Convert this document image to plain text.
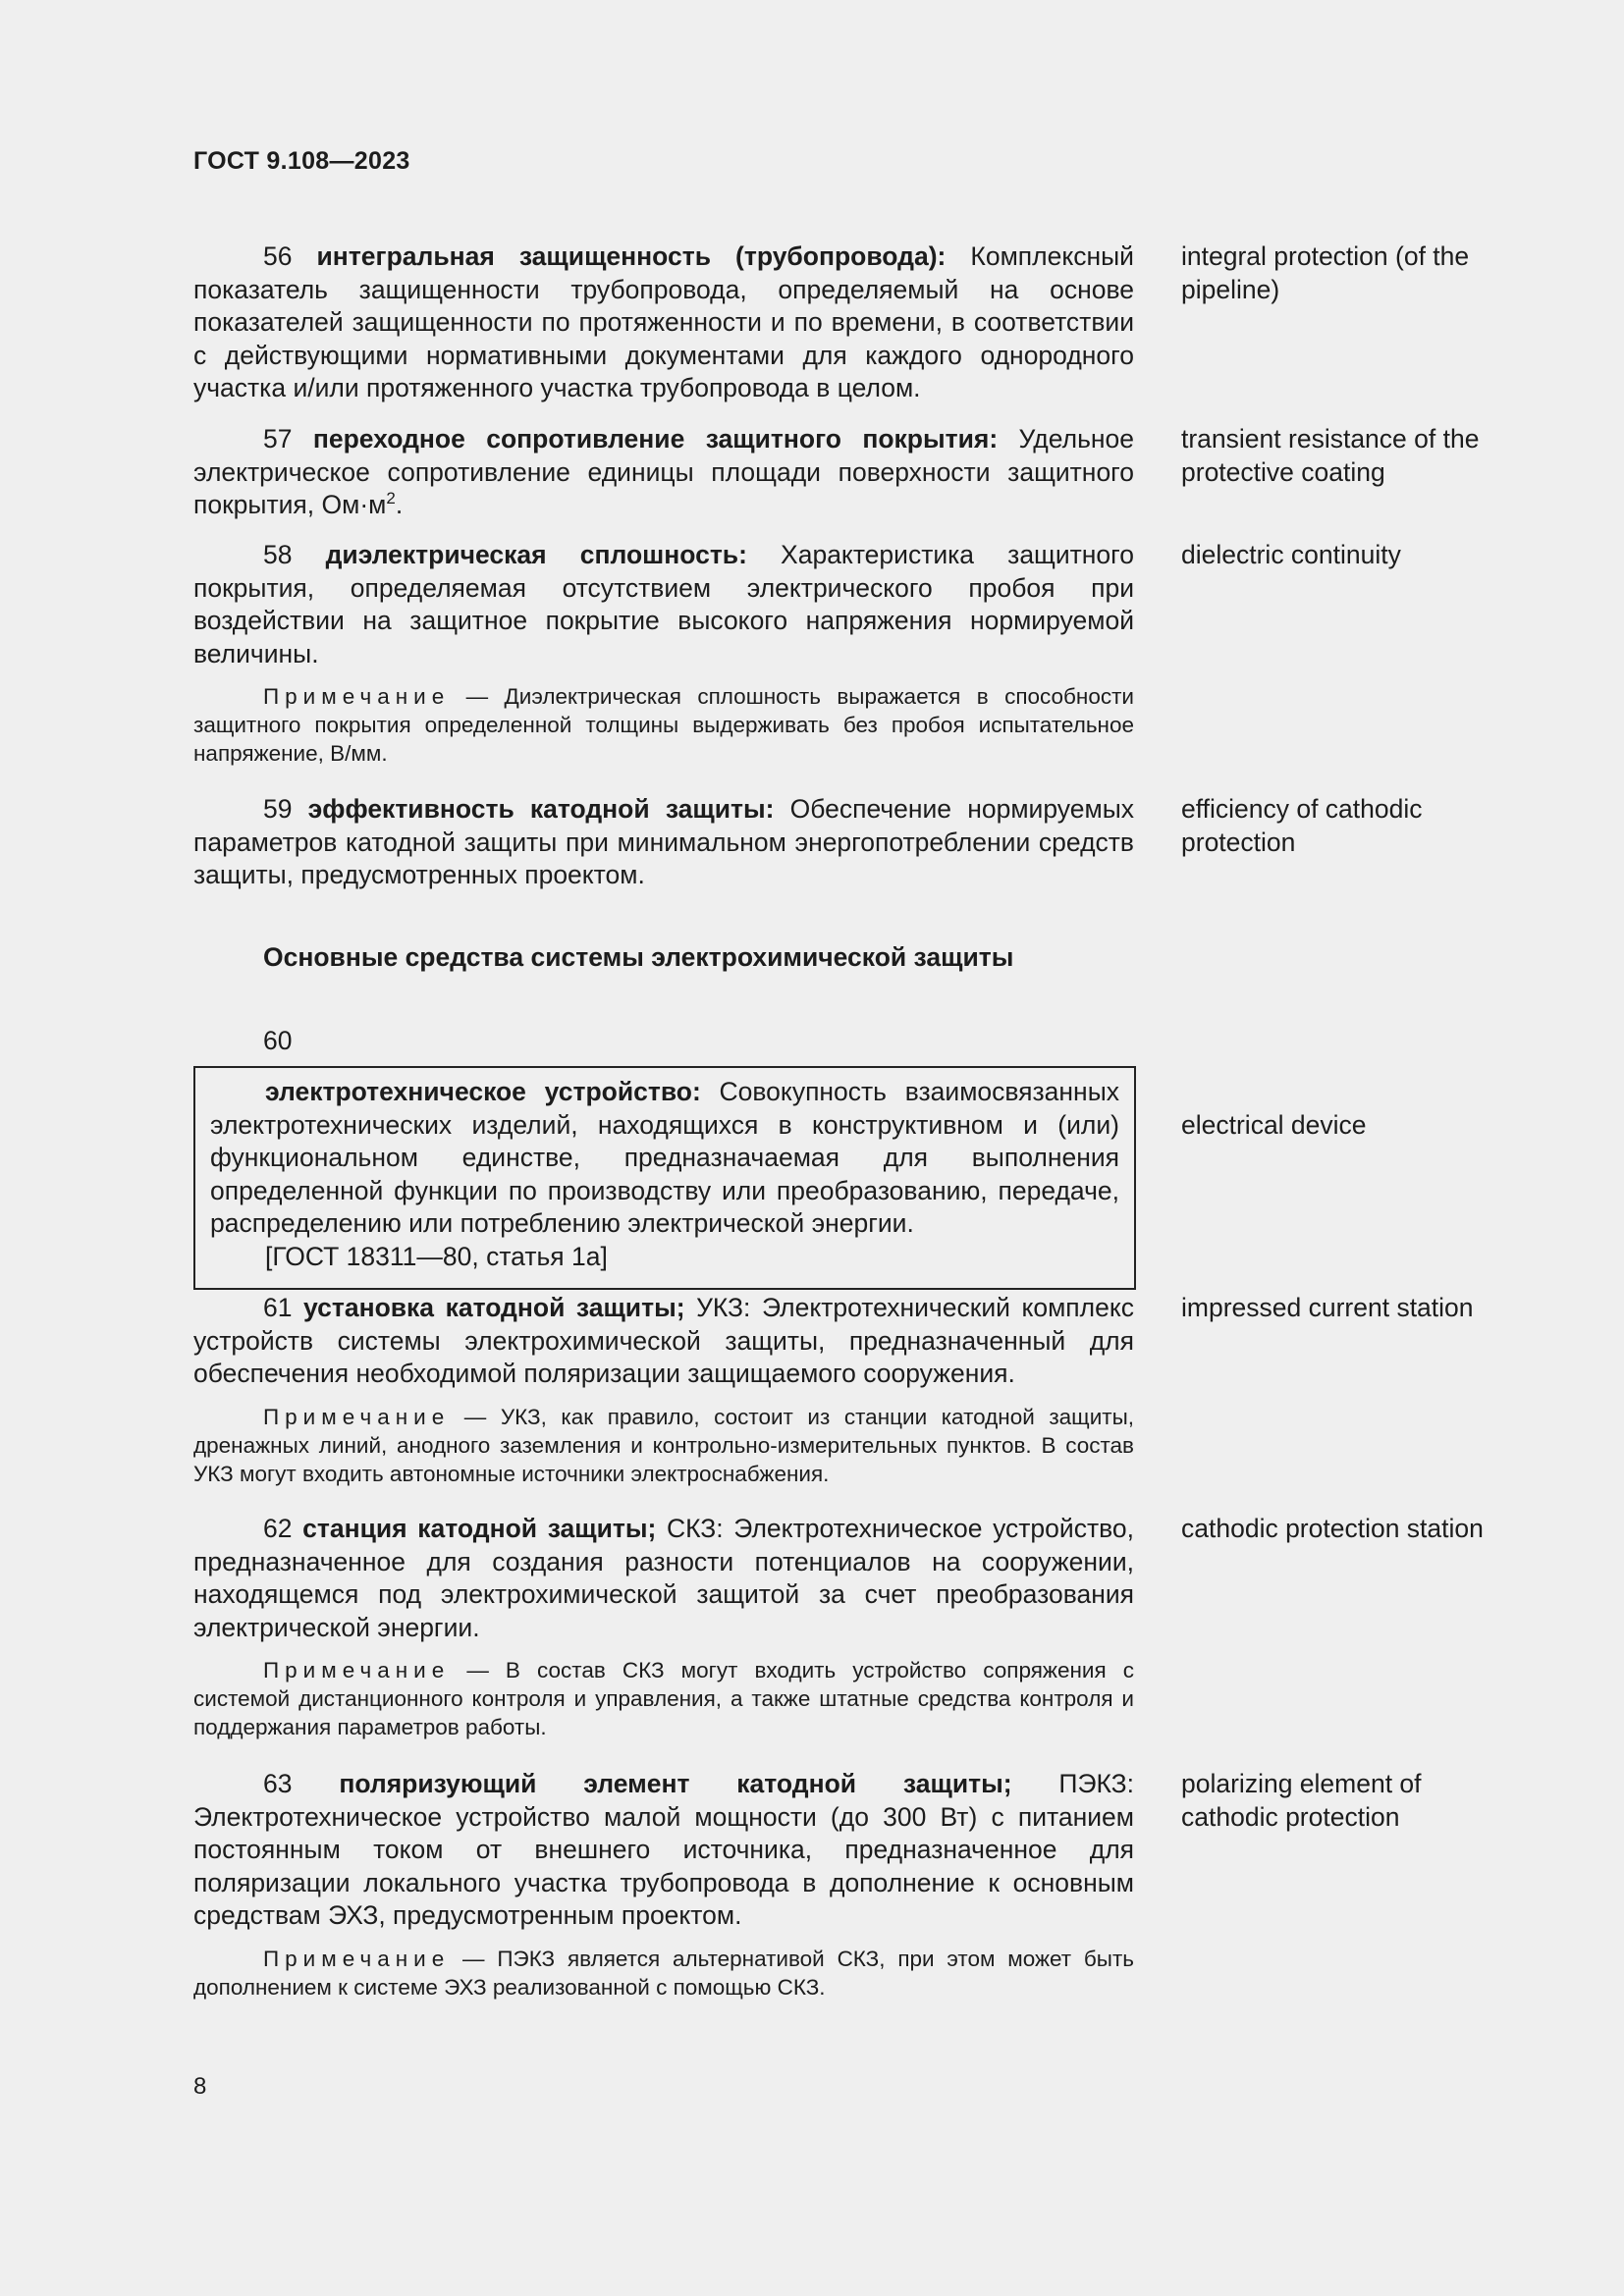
ГОСТ 9.108—2023

56 интегральная защищенность (трубопровода): Комплексный показатель защищенности трубопровода, определяемый на основе показателей защищенности по протяженности и по времени, в соответствии с действующими нормативными документами для каждого однородного участка и/или протяженного участка трубопровода в целом.

integral protection (of the pipeline)

57 переходное сопротивление защитного покрытия: Удельное электрическое сопротивление единицы площади поверхности защитного покрытия, $Ом\cdot м^2$.

transient resistance of the protective coating

58 диэлектрическая сплошность: Характеристика защитного покрытия, определяемая отсутствием электрического пробоя при воздействии на защитное покрытие высокого напряжения нормируемой величины.

Примечание — Диэлектрическая сплошность выражается в способности защитного покрытия определенной толщины выдерживать без пробоя испытательное напряжение, В/мм.
dielectric continuity

59 эффективность катодной защиты: Обеспечение нормируемых параметров катодной защиты при минимальном энергопотреблении средств защиты, предусмотренных проектом.

efficiency of cathodic protection
Основные средства системы электрохимической защиты
60

электротехническое устройство: Совокупность взаимосвязанных электротехнических изделий, находящихся в конструктивном и (или) функциональном единстве, предназначаемая для выполнения определенной функции по производству или преобразованию, передаче, распределению или потреблению электрической энергии.

[ГОСТ 18311—80, статья 1а]

electrical device

61 установка катодной защиты; УКЗ: Электротехнический комплекс устройств системы электрохимической защиты, предназначенный для обеспечения необходимой поляризации защищаемого сооружения.

Примечание — УКЗ, как правило, состоит из станции катодной защиты, дренажных линий, анодного заземления и контрольно-измерительных пунктов. В состав УКЗ могут входить автономные источники электроснабжения.
impressed current station

62 станция катодной защиты; СКЗ: Электротехническое устройство, предназначенное для создания разности потенциалов на сооружении, находящемся под электрохимической защитой за счет преобразования электрической энергии.

Примечание — В состав СКЗ могут входить устройство сопряжения с системой дистанционного контроля и управления, а также штатные средства контроля и поддержания параметров работы.
cathodic protection station

63 поляризующий элемент катодной защиты; ПЭКЗ: Электротехническое устройство малой мощности (до 300 Вт) с питанием постоянным током от внешнего источника, предназначенное для поляризации локального участка трубопровода в дополнение к основным средствам ЭХЗ, предусмотренным проектом.

Примечание — ПЭКЗ является альтернативой СКЗ, при этом может быть дополнением к системе ЭХЗ реализованной с помощью СКЗ.
polarizing element of cathodic protection
8
